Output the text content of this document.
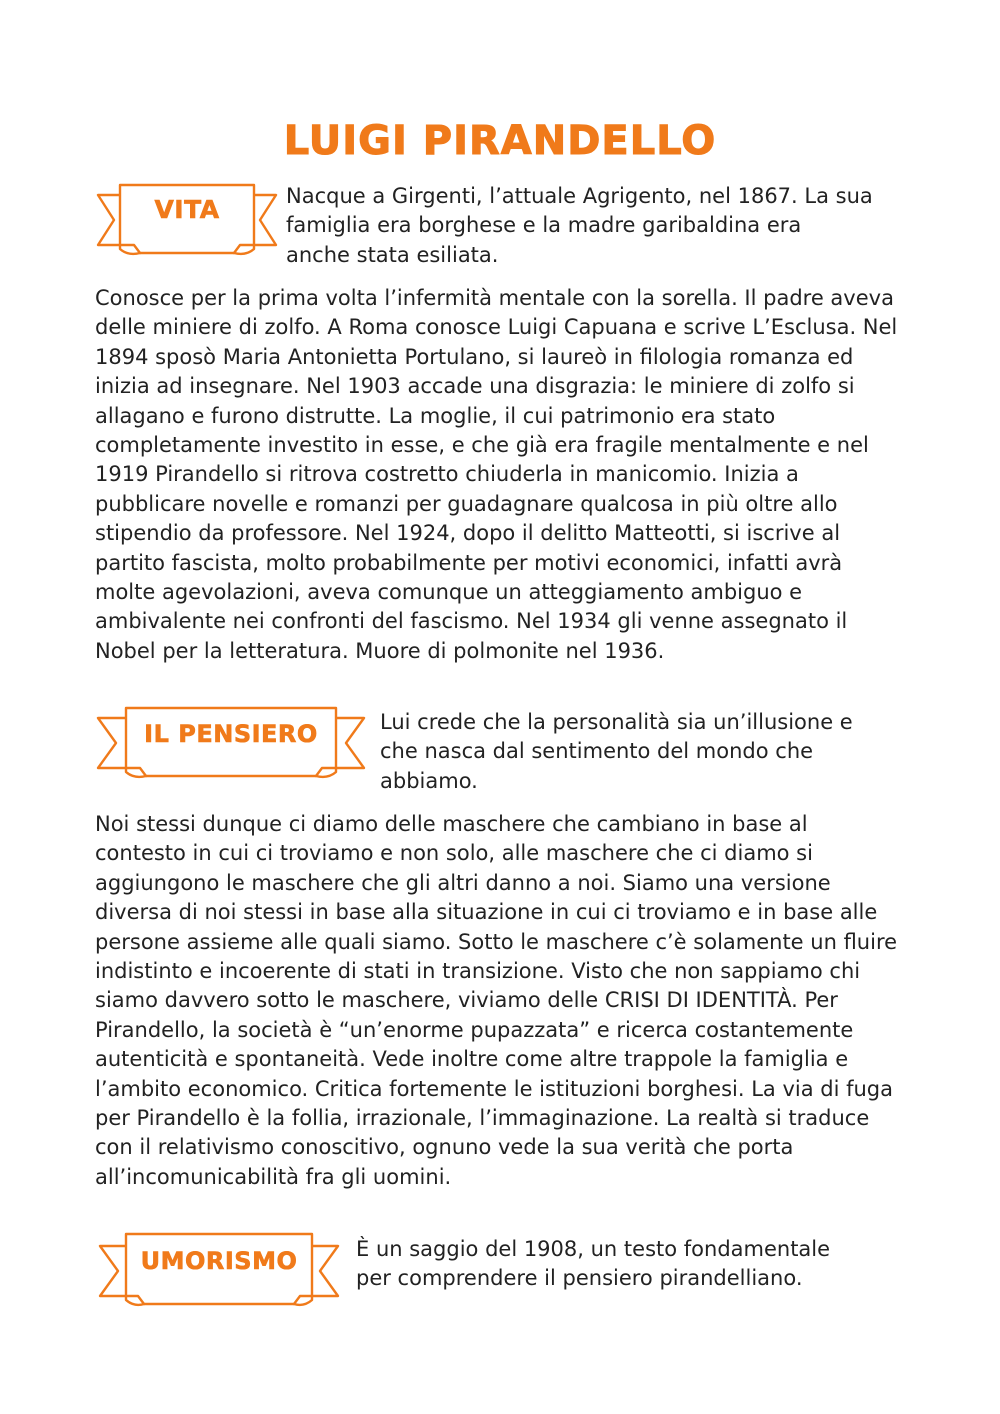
LUIGI PIRANDELLO
VITA	Nacque a Girgenti, l’attuale Agrigento, nel 1867. La sua
famiglia era borghese e la madre garibaldina era
anche stata esiliata.

Conosce per la prima volta l’infermità mentale con la sorella. Il padre aveva delle miniere di zolfo. A Roma conosce Luigi Capuana e scrive L’Esclusa. Nel 1894 sposò Maria Antonietta Portulano, si laureò in filologia romanza ed inizia ad insegnare. Nel 1903 accade una disgrazia: le miniere di zolfo si allagano e furono distrutte. La moglie, il cui patrimonio era stato completamente investito in esse, e che già era fragile mentalmente e nel 1919 Pirandello si ritrova costretto chiuderla in manicomio. Inizia a pubblicare novelle e romanzi per guadagnare qualcosa in più oltre allo stipendio da professore. Nel 1924, dopo il delitto Matteotti, si iscrive al partito fascista, molto probabilmente per motivi economici, infatti avrà molte agevolazioni, aveva comunque un atteggiamento ambiguo e ambivalente nei confronti del fascismo. Nel 1934 gli venne assegnato il Nobel per la letteratura. Muore di polmonite nel 1936.

IL PENSIERO	Lui crede che la personalità sia un’illusione e
che nasca dal sentimento del mondo che
abbiamo.

Noi stessi dunque ci diamo delle maschere che cambiano in base al contesto in cui ci troviamo e non solo, alle maschere che ci diamo si aggiungono le maschere che gli altri danno a noi. Siamo una versione diversa di noi stessi in base alla situazione in cui ci troviamo e in base alle persone assieme alle quali siamo. Sotto le maschere c’è solamente un fluire indistinto e incoerente di stati in transizione. Visto che non sappiamo chi siamo davvero sotto le maschere, viviamo delle CRISI DI IDENTITÀ. Per Pirandello, la società è “un’enorme pupazzata” e ricerca costantemente autenticità e spontaneità. Vede inoltre come altre trappole la famiglia e l’ambito economico. Critica fortemente le istituzioni borghesi. La via di fuga per Pirandello è la follia, irrazionale, l’immaginazione. La realtà si traduce con il relativismo conoscitivo, ognuno vede la sua verità che porta all’incomunicabilità fra gli uomini.

UMORISMO	È un saggio del 1908, un testo fondamentale
per comprendere il pensiero pirandelliano.
